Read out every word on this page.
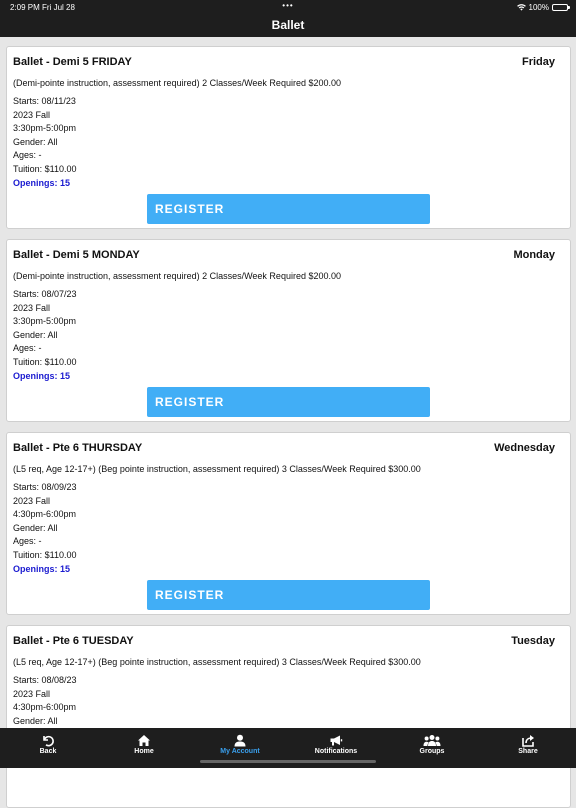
2:09 PM Fri Jul 28	•••	100%
Ballet
Ballet - Demi 5 FRIDAY	Friday
(Demi-pointe instruction, assessment required) 2 Classes/Week Required $200.00
Starts: 08/11/23
2023 Fall
3:30pm-5:00pm
Gender: All
Ages: -
Tuition: $110.00
Openings: 15
REGISTER
Ballet - Demi 5 MONDAY	Monday
(Demi-pointe instruction, assessment required) 2 Classes/Week Required $200.00
Starts: 08/07/23
2023 Fall
3:30pm-5:00pm
Gender: All
Ages: -
Tuition: $110.00
Openings: 15
REGISTER
Ballet - Pte 6 THURSDAY	Wednesday
(L5 req, Age 12-17+) (Beg pointe instruction, assessment required) 3 Classes/Week Required $300.00
Starts: 08/09/23
2023 Fall
4:30pm-6:00pm
Gender: All
Ages: -
Tuition: $110.00
Openings: 15
REGISTER
Ballet - Pte 6 TUESDAY	Tuesday
(L5 req, Age 12-17+) (Beg pointe instruction, assessment required) 3 Classes/Week Required $300.00
Starts: 08/08/23
2023 Fall
4:30pm-6:00pm
Gender: All
Back	Home	My Account	Notifications	Groups	Share
